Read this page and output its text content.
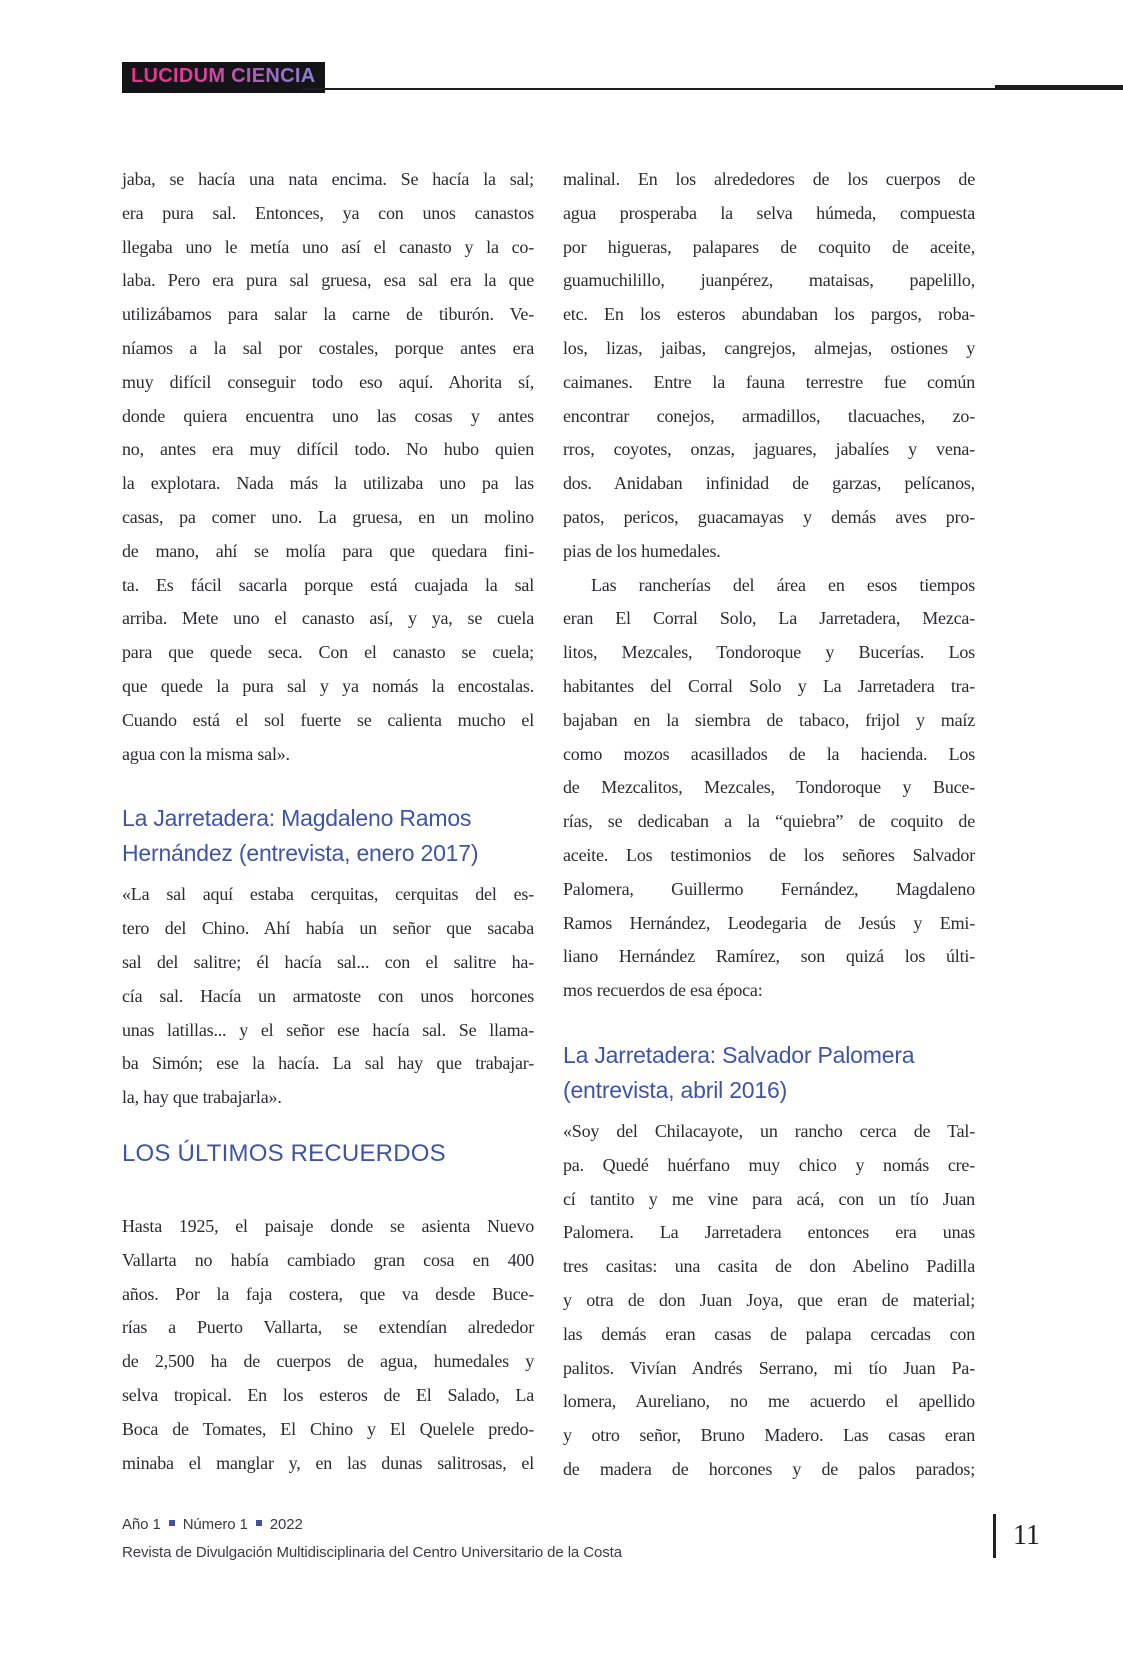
LUCIDUM CIENCIA
jaba, se hacía una nata encima. Se hacía la sal;
era pura sal. Entonces, ya con unos canastos
llegaba uno le metía uno así el canasto y la co-
laba. Pero era pura sal gruesa, esa sal era la que
utilizábamos para salar la carne de tiburón. Ve-
níamos a la sal por costales, porque antes era
muy difícil conseguir todo eso aquí. Ahorita sí,
donde quiera encuentra uno las cosas y antes
no, antes era muy difícil todo. No hubo quien
la explotara. Nada más la utilizaba uno pa las
casas, pa comer uno. La gruesa, en un molino
de mano, ahí se molía para que quedara fini-
ta. Es fácil sacarla porque está cuajada la sal
arriba. Mete uno el canasto así, y ya, se cuela
para que quede seca. Con el canasto se cuela;
que quede la pura sal y ya nomás la encostalas.
Cuando está el sol fuerte se calienta mucho el
agua con la misma sal».
La Jarretadera: Magdaleno Ramos
Hernández (entrevista, enero 2017)
«La sal aquí estaba cerquitas, cerquitas del es-
tero del Chino. Ahí había un señor que sacaba
sal del salitre; él hacía sal... con el salitre ha-
cía sal. Hacía un armatoste con unos horcones
unas latillas... y el señor ese hacía sal. Se llama-
ba Simón; ese la hacía. La sal hay que trabajar-
la, hay que trabajarla».
LOS ÚLTIMOS RECUERDOS
Hasta 1925, el paisaje donde se asienta Nuevo
Vallarta no había cambiado gran cosa en 400
años. Por la faja costera, que va desde Buce-
rías a Puerto Vallarta, se extendían alrededor
de 2,500 ha de cuerpos de agua, humedales y
selva tropical. En los esteros de El Salado, La
Boca de Tomates, El Chino y El Quelele predo-
minaba el manglar y, en las dunas salitrosas, el
malinal. En los alrededores de los cuerpos de
agua prosperaba la selva húmeda, compuesta
por higueras, palapares de coquito de aceite,
guamuchilillo, juanpérez, mataisas, papelillo,
etc. En los esteros abundaban los pargos, roba-
los, lizas, jaibas, cangrejos, almejas, ostiones y
caimanes. Entre la fauna terrestre fue común
encontrar conejos, armadillos, tlacuaches, zo-
rros, coyotes, onzas, jaguares, jabalíes y vena-
dos. Anidaban infinidad de garzas, pelícanos,
patos, pericos, guacamayas y demás aves pro-
pias de los humedales.
Las rancherías del área en esos tiempos
eran El Corral Solo, La Jarretadera, Mezca-
litos, Mezcales, Tondoroque y Bucerías. Los
habitantes del Corral Solo y La Jarretadera tra-
bajaban en la siembra de tabaco, frijol y maíz
como mozos acasillados de la hacienda. Los
de Mezcalitos, Mezcales, Tondoroque y Buce-
rías, se dedicaban a la “quiebra” de coquito de
aceite. Los testimonios de los señores Salvador
Palomera, Guillermo Fernández, Magdaleno
Ramos Hernández, Leodegaria de Jesús y Emi-
liano Hernández Ramírez, son quizá los últi-
mos recuerdos de esa época:
La Jarretadera: Salvador Palomera
(entrevista, abril 2016)
«Soy del Chilacayote, un rancho cerca de Tal-
pa. Quedé huérfano muy chico y nomás cre-
cí tantito y me vine para acá, con un tío Juan
Palomera. La Jarretadera entonces era unas
tres casitas: una casita de don Abelino Padilla
y otra de don Juan Joya, que eran de material;
las demás eran casas de palapa cercadas con
palitos. Vivían Andrés Serrano, mi tío Juan Pa-
lomera, Aureliano, no me acuerdo el apellido
y otro señor, Bruno Madero. Las casas eran
de madera de horcones y de palos parados;
Año 1 Número 1 2022
Revista de Divulgación Multidisciplinaria del Centro Universitario de la Costa
11
